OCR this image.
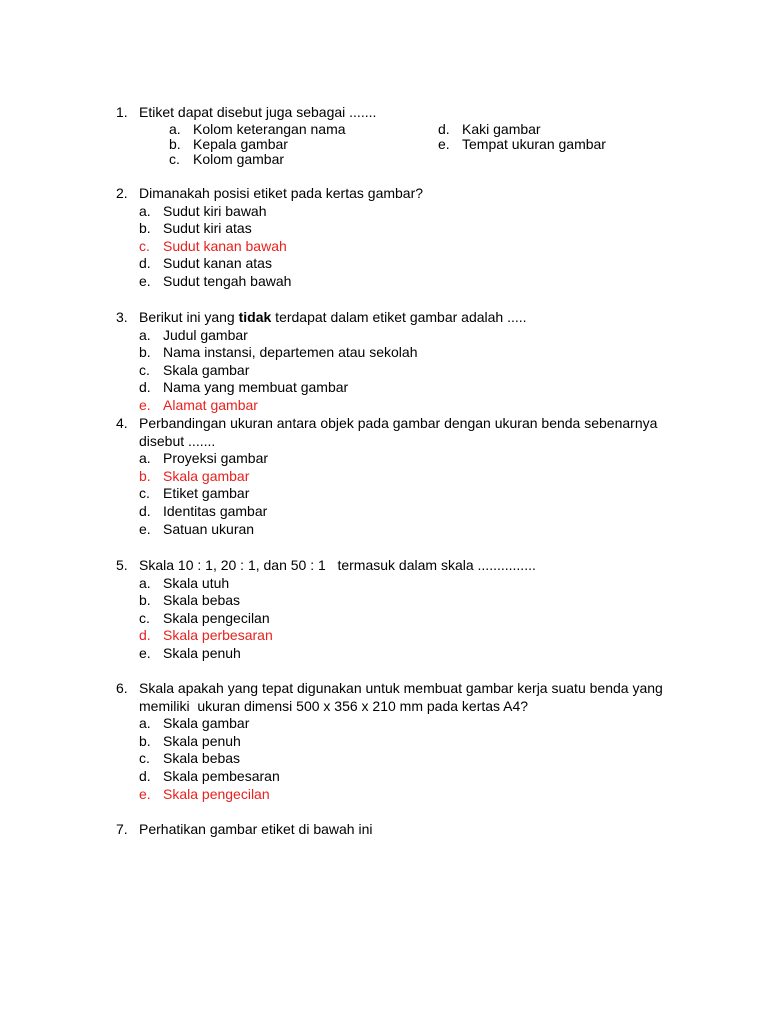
1. Etiket dapat disebut juga sebagai .......
a. Kolom keterangan nama
b. Kepala gambar
c. Kolom gambar
d. Kaki gambar
e. Tempat ukuran gambar
2. Dimanakah posisi etiket pada kertas gambar?
a. Sudut kiri bawah
b. Sudut kiri atas
c. Sudut kanan bawah
d. Sudut kanan atas
e. Sudut tengah bawah
3. Berikut ini yang tidak terdapat dalam etiket gambar adalah .....
a. Judul gambar
b. Nama instansi, departemen atau sekolah
c. Skala gambar
d. Nama yang membuat gambar
e. Alamat gambar
4. Perbandingan ukuran antara objek pada gambar dengan ukuran benda sebenarnya
disebut .......
a. Proyeksi gambar
b. Skala gambar
c. Etiket gambar
d. Identitas gambar
e. Satuan ukuran
5. Skala 10 : 1, 20 : 1, dan 50 : 1   termasuk dalam skala ...............
a. Skala utuh
b. Skala bebas
c. Skala pengecilan
d. Skala perbesaran
e. Skala penuh
6. Skala apakah yang tepat digunakan untuk membuat gambar kerja suatu benda yang
memiliki  ukuran dimensi 500 x 356 x 210 mm pada kertas A4?
a. Skala gambar
b. Skala penuh
c. Skala bebas
d. Skala pembesaran
e. Skala pengecilan
7. Perhatikan gambar etiket di bawah ini
